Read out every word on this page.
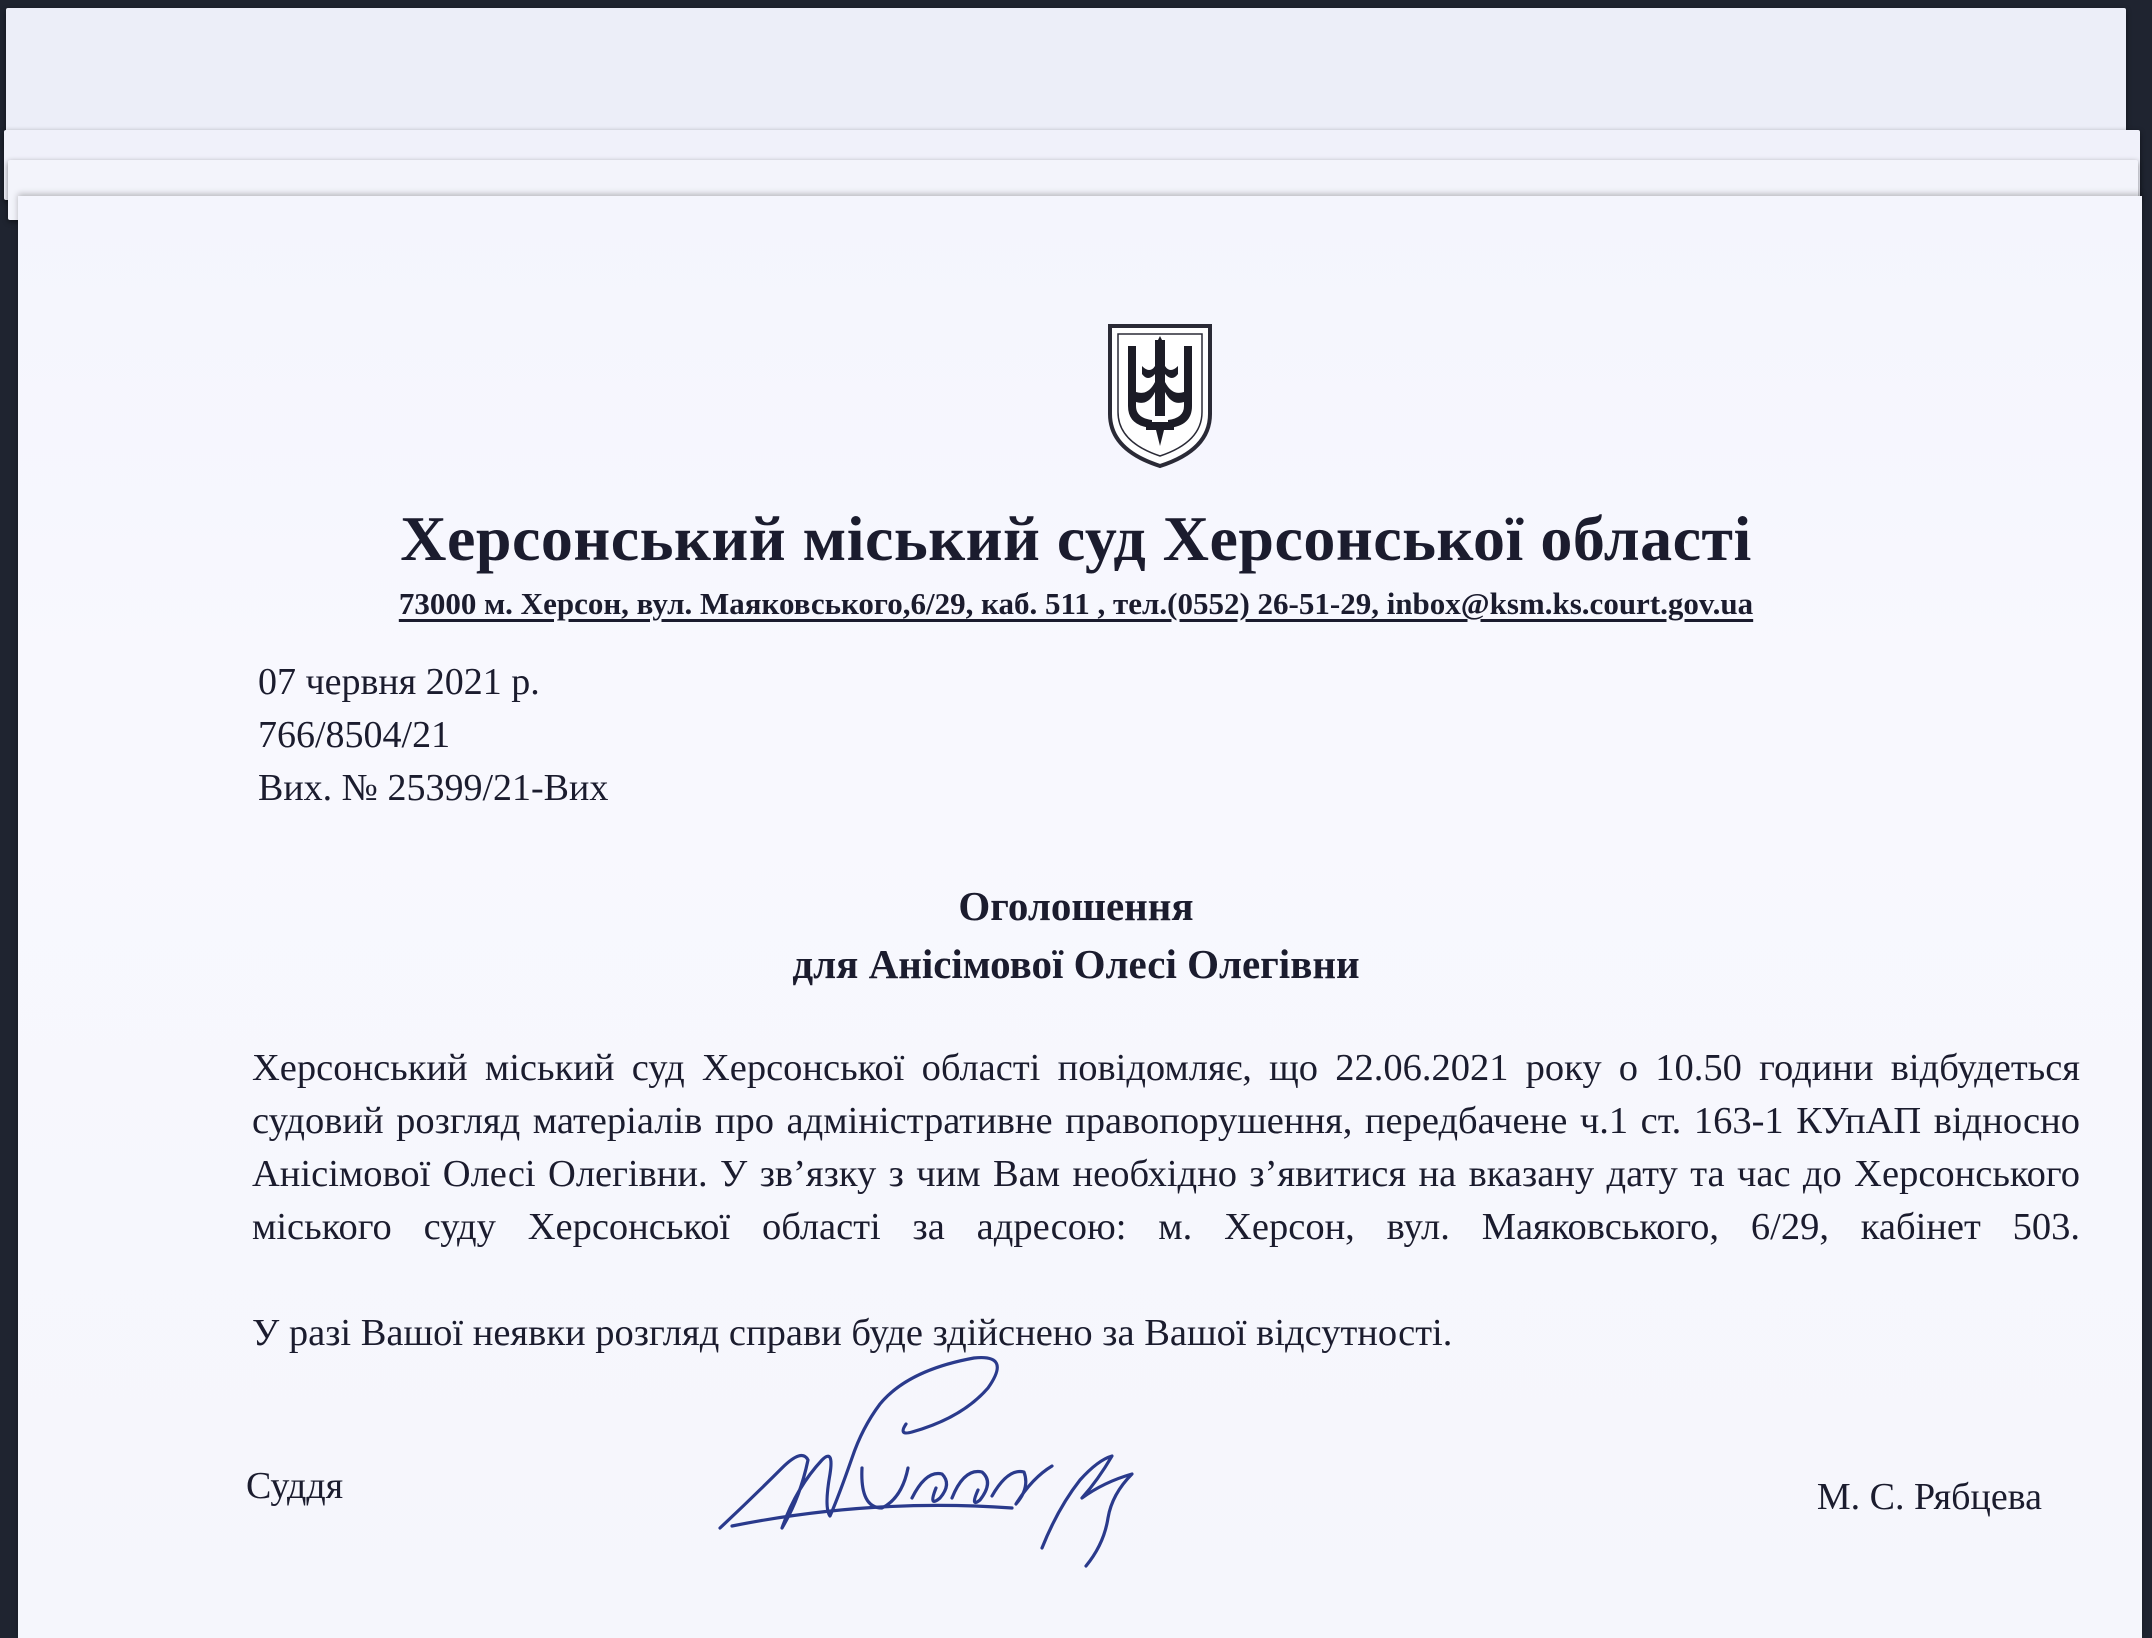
Херсонський міський суд Херсонської області
73000 м. Херсон, вул. Маяковського,6/29, каб. 511 , тел.(0552) 26-51-29, inbox@ksm.ks.court.gov.ua
07 червня 2021 р.
766/8504/21
Вих. № 25399/21-Вих
Оголошення
для Анісімової Олесі Олегівни
Херсонський міський суд Херсонської області повідомляє, що 22.06.2021 року о 10.50 години відбудеться судовий розгляд матеріалів про адміністративне правопорушення, передбачене ч.1 ст. 163-1 КУпАП відносно Анісімової Олесі Олегівни. У зв’язку з чим Вам необхідно з’явитися на вказану дату та час до Херсонського міського суду Херсонської області за адресою: м. Херсон, вул. Маяковського, 6/29, кабінет 503.
У разі Вашої неявки розгляд справи буде здійснено за Вашої відсутності.
Суддя	М. С. Рябцева
